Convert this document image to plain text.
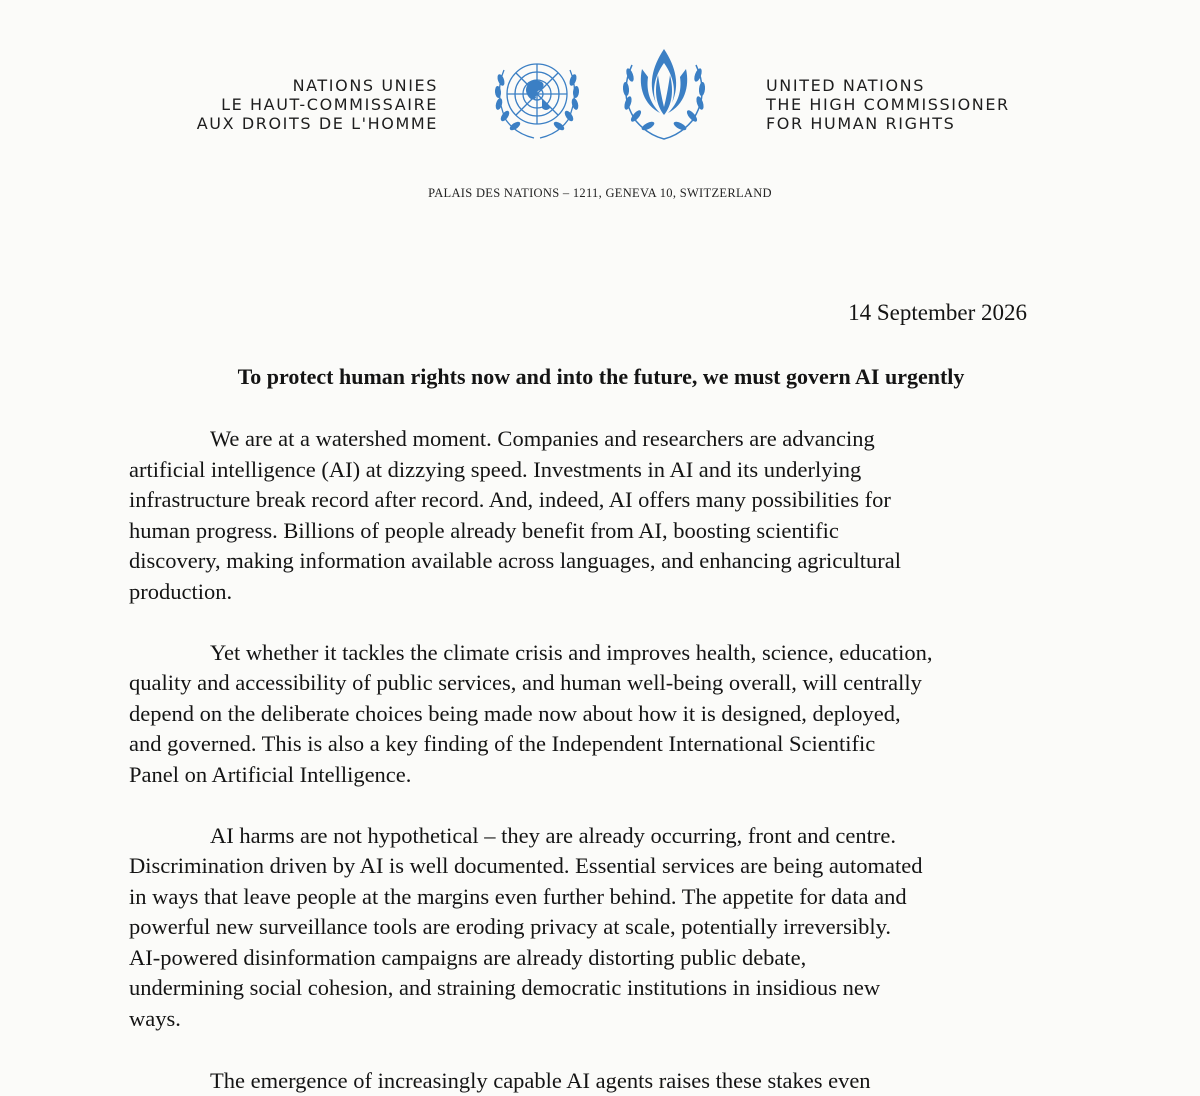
NATIONS UNIES
LE HAUT-COMMISSAIRE
AUX DROITS DE L'HOMME
UNITED NATIONS
THE HIGH COMMISSIONER
FOR HUMAN RIGHTS
PALAIS DES NATIONS – 1211, GENEVA 10, SWITZERLAND
14 September 2026
To protect human rights now and into the future, we must govern AI urgently

We are at a watershed moment. Companies and researchers are advancing
artificial intelligence (AI) at dizzying speed. Investments in AI and its underlying
infrastructure break record after record. And, indeed, AI offers many possibilities for
human progress. Billions of people already benefit from AI, boosting scientific
discovery, making information available across languages, and enhancing agricultural
production.

Yet whether it tackles the climate crisis and improves health, science, education,
quality and accessibility of public services, and human well-being overall, will centrally
depend on the deliberate choices being made now about how it is designed, deployed,
and governed. This is also a key finding of the Independent International Scientific
Panel on Artificial Intelligence.

AI harms are not hypothetical – they are already occurring, front and centre.
Discrimination driven by AI is well documented. Essential services are being automated
in ways that leave people at the margins even further behind. The appetite for data and
powerful new surveillance tools are eroding privacy at scale, potentially irreversibly.
AI-powered disinformation campaigns are already distorting public debate,
undermining social cohesion, and straining democratic institutions in insidious new
ways.

The emergence of increasingly capable AI agents raises these stakes even
